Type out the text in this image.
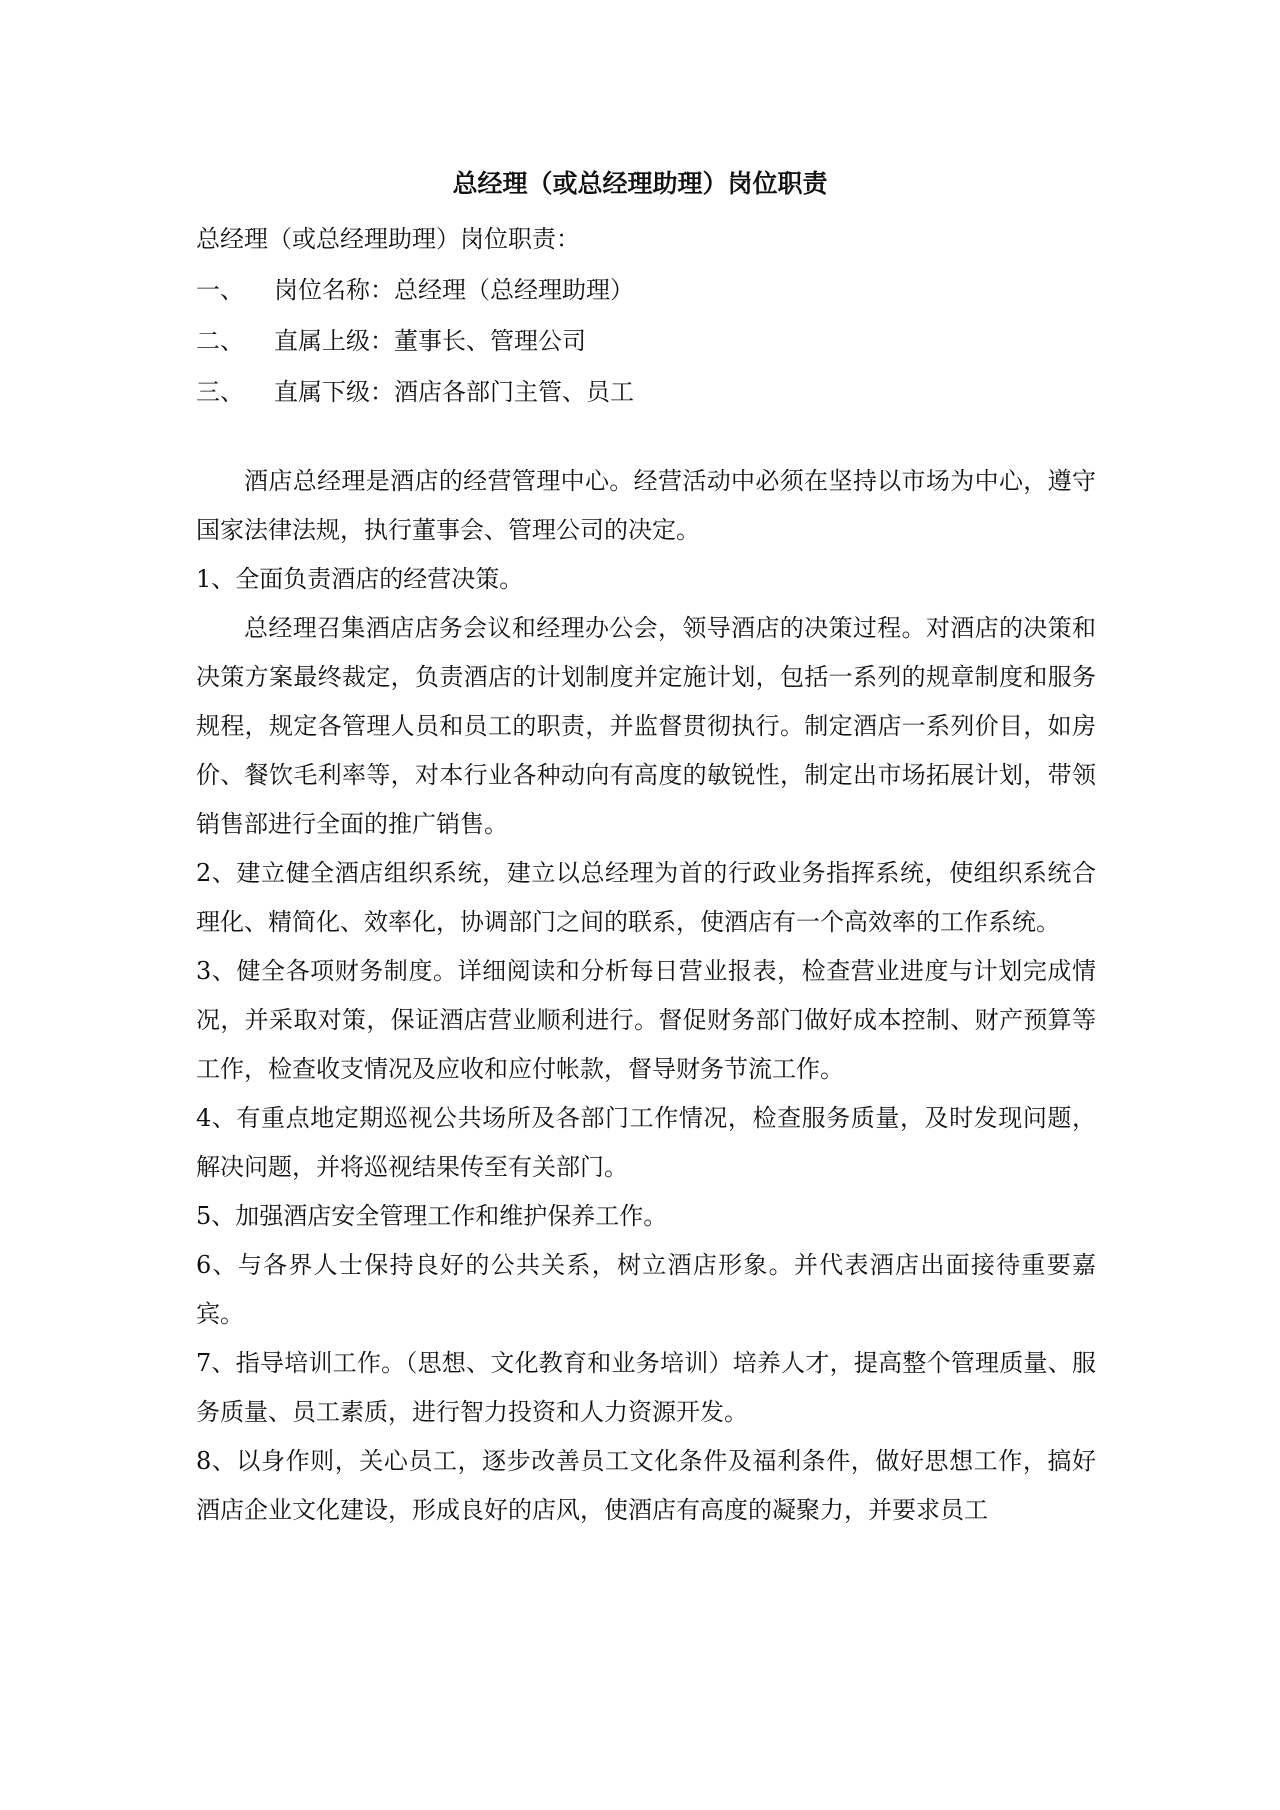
总经理（或总经理助理）岗位职责
总经理（或总经理助理）岗位职责：
一、 岗位名称：总经理（总经理助理）
二、 直属上级：董事长、管理公司
三、 直属下级：酒店各部门主管、员工

酒店总经理是酒店的经营管理中心。经营活动中必须在坚持以市场为中心，遵守国家法律法规，执行董事会、管理公司的决定。

1、全面负责酒店的经营决策。

总经理召集酒店店务会议和经理办公会，领导酒店的决策过程。对酒店的决策和决策方案最终裁定，负责酒店的计划制度并定施计划，包括一系列的规章制度和服务规程，规定各管理人员和员工的职责，并监督贯彻执行。制定酒店一系列价目，如房价、餐饮毛利率等，对本行业各种动向有高度的敏锐性，制定出市场拓展计划，带领销售部进行全面的推广销售。

2、建立健全酒店组织系统，建立以总经理为首的行政业务指挥系统，使组织系统合理化、精简化、效率化，协调部门之间的联系，使酒店有一个高效率的工作系统。

3、健全各项财务制度。详细阅读和分析每日营业报表，检查营业进度与计划完成情况，并采取对策，保证酒店营业顺利进行。督促财务部门做好成本控制、财产预算等工作，检查收支情况及应收和应付帐款，督导财务节流工作。

4、有重点地定期巡视公共场所及各部门工作情况，检查服务质量，及时发现问题，解决问题，并将巡视结果传至有关部门。

5、加强酒店安全管理工作和维护保养工作。

6、与各界人士保持良好的公共关系，树立酒店形象。并代表酒店出面接待重要嘉宾。

7、指导培训工作。（思想、文化教育和业务培训）培养人才，提高整个管理质量、服务质量、员工素质，进行智力投资和人力资源开发。

8、以身作则，关心员工，逐步改善员工文化条件及福利条件，做好思想工作，搞好酒店企业文化建设，形成良好的店风，使酒店有高度的凝聚力，并要求员工
